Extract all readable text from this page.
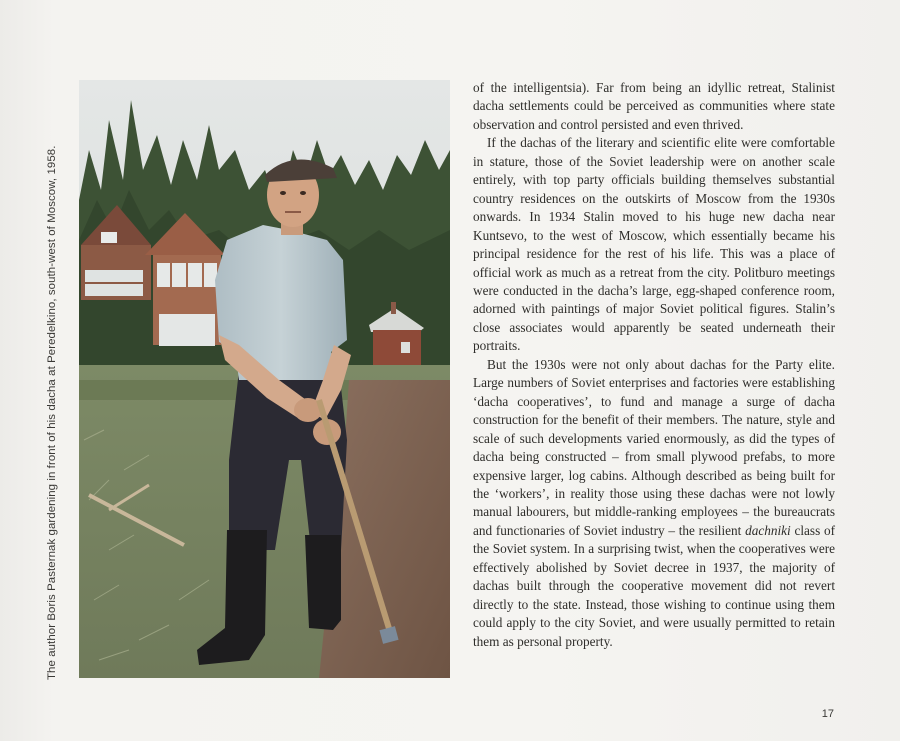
The author Boris Pasternak gardening in front of his dacha at Peredelkino, south-west of Moscow, 1958.

of the intelligentsia). Far from being an idyllic retreat, Stalinist dacha settlements could be perceived as communities where state observation and control persisted and even thrived.

If the dachas of the literary and scientific elite were comfortable in stature, those of the Soviet leadership were on another scale entirely, with top party officials building themselves substantial country residences on the outskirts of Moscow from the 1930s onwards. In 1934 Stalin moved to his huge new dacha near Kuntsevo, to the west of Moscow, which essentially became his principal residence for the rest of his life. This was a place of official work as much as a retreat from the city. Politburo meetings were conducted in the dacha’s large, egg-shaped conference room, adorned with paintings of major Soviet political figures. Stalin’s close associates would apparently be seated underneath their portraits.

But the 1930s were not only about dachas for the Party elite. Large numbers of Soviet enterprises and factories were establishing ‘dacha cooperatives’, to fund and manage a surge of dacha construction for the benefit of their members. The nature, style and scale of such developments varied enormously, as did the types of dacha being constructed – from small plywood prefabs, to more expensive larger, log cabins. Although described as being built for the ‘workers’, in reality those using these dachas were not lowly manual labourers, but middle-ranking employees – the bureaucrats and functionaries of Soviet industry – the resilient dachniki class of the Soviet system. In a surprising twist, when the cooperatives were effectively abolished by Soviet decree in 1937, the majority of dachas built through the cooperative movement did not revert directly to the state. Instead, those wishing to continue using them could apply to the city Soviet, and were usually permitted to retain them as personal property.

17
